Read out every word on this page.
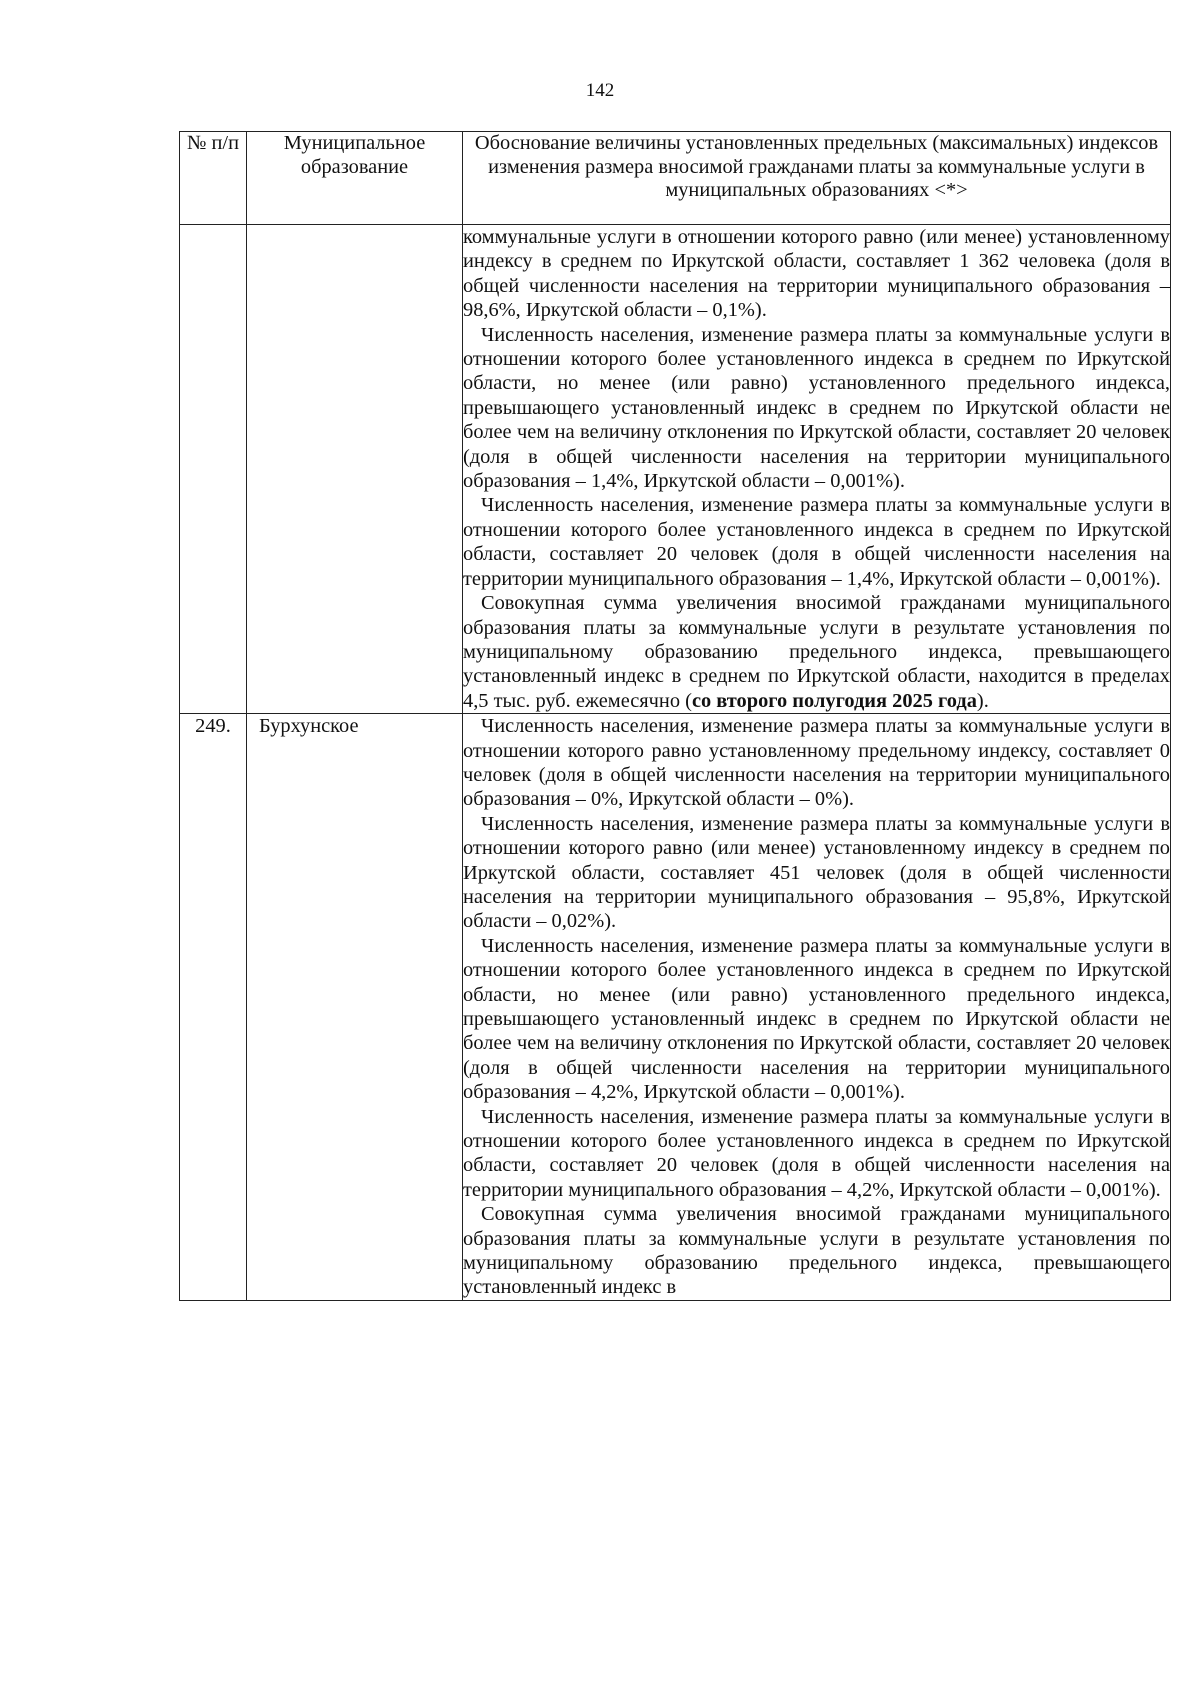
142
№ п/п	Муниципальное образование	Обоснование величины установленных предельных (максимальных) индексов изменения размера вносимой гражданами платы за коммунальные услуги в муниципальных образованиях <*>

		коммунальные услуги в отношении которого равно (или менее) установленному индексу в среднем по Иркутской области, составляет 1 362 человека (доля в общей численности населения на территории муниципального образования – 98,6%, Иркутской области – 0,1%).

Численность населения, изменение размера платы за коммунальные услуги в отношении которого более установленного индекса в среднем по Иркутской области, но менее (или равно) установленного предельного индекса, превышающего установленный индекс в среднем по Иркутской области не более чем на величину отклонения по Иркутской области, составляет 20 человек (доля в общей численности населения на территории муниципального образования – 1,4%, Иркутской области – 0,001%).

Численность населения, изменение размера платы за коммунальные услуги в отношении которого более установленного индекса в среднем по Иркутской области, составляет 20 человек (доля в общей численности населения на территории муниципального образования – 1,4%, Иркутской области – 0,001%).

Совокупная сумма увеличения вносимой гражданами муниципального образования платы за коммунальные услуги в результате установления по муниципальному образованию предельного индекса, превышающего установленный индекс в среднем по Иркутской области, находится в пределах 4,5 тыс. руб. ежемесячно (со второго полугодия 2025 года).

249.	Бурхунское	Численность населения, изменение размера платы за коммунальные услуги в отношении которого равно установленному предельному индексу, составляет 0 человек (доля в общей численности населения на территории муниципального образования – 0%, Иркутской области – 0%).

Численность населения, изменение размера платы за коммунальные услуги в отношении которого равно (или менее) установленному индексу в среднем по Иркутской области, составляет 451 человек (доля в общей численности населения на территории муниципального образования – 95,8%, Иркутской области – 0,02%).

Численность населения, изменение размера платы за коммунальные услуги в отношении которого более установленного индекса в среднем по Иркутской области, но менее (или равно) установленного предельного индекса, превышающего установленный индекс в среднем по Иркутской области не более чем на величину отклонения по Иркутской области, составляет 20 человек (доля в общей численности населения на территории муниципального образования – 4,2%, Иркутской области – 0,001%).

Численность населения, изменение размера платы за коммунальные услуги в отношении которого более установленного индекса в среднем по Иркутской области, составляет 20 человек (доля в общей численности населения на территории муниципального образования – 4,2%, Иркутской области – 0,001%).

Совокупная сумма увеличения вносимой гражданами муниципального образования платы за коммунальные услуги в результате установления по муниципальному образованию предельного индекса, превышающего установленный индекс в
